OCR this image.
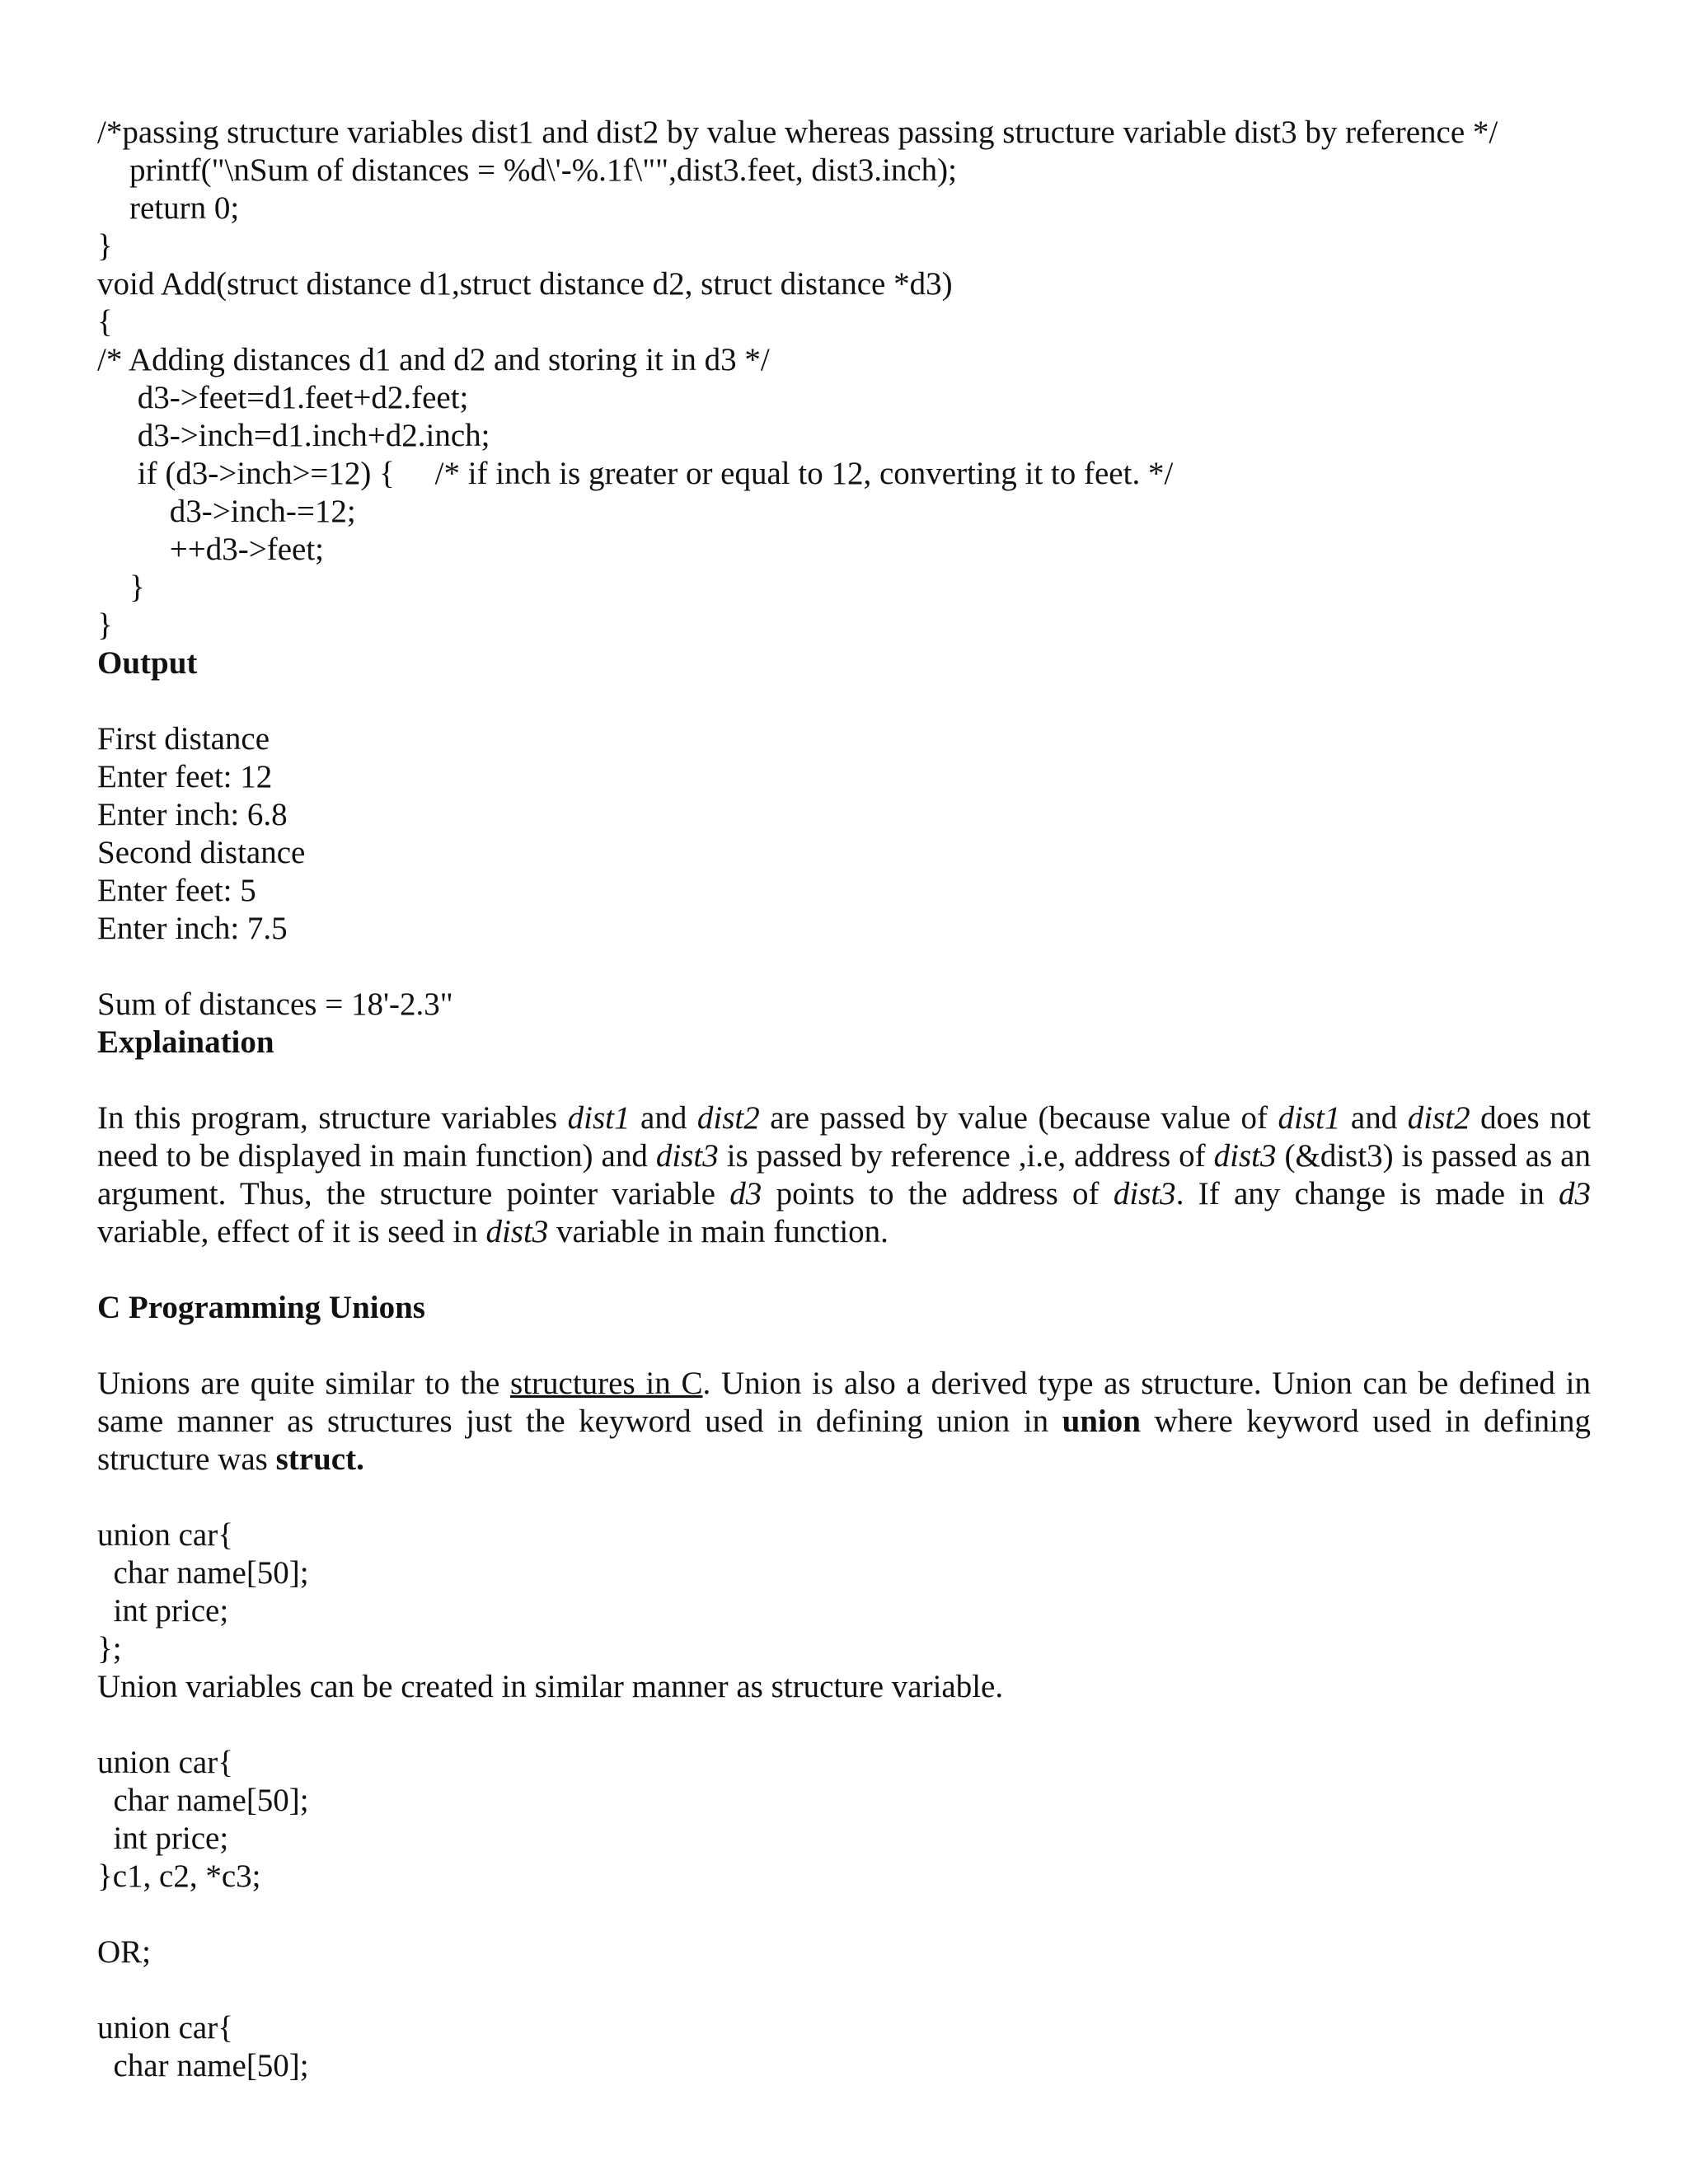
/*passing structure variables dist1 and dist2 by value whereas passing structure variable dist3 by reference */
printf("\nSum of distances = %d\'-%.1f\"",dist3.feet, dist3.inch);
return 0;
}
void Add(struct distance d1,struct distance d2, struct distance *d3)
{
/* Adding distances d1 and d2 and storing it in d3 */
d3->feet=d1.feet+d2.feet;
d3->inch=d1.inch+d2.inch;
if (d3->inch>=12) {     /* if inch is greater or equal to 12, converting it to feet. */
d3->inch-=12;
++d3->feet;
}
}
Output
First distance
Enter feet: 12
Enter inch: 6.8
Second distance
Enter feet: 5
Enter inch: 7.5
Sum of distances = 18'-2.3"
Explaination
In this program, structure variables dist1 and dist2 are passed by value (because value of dist1 and dist2 does not need to be displayed in main function) and dist3 is passed by reference ,i.e, address of dist3 (&dist3) is passed as an argument. Thus, the structure pointer variable d3 points to the address of dist3. If any change is made in d3 variable, effect of it is seed in dist3 variable in main function.
C Programming Unions
Unions are quite similar to the structures in C. Union is also a derived type as structure. Union can be defined in same manner as structures just the keyword used in defining union in union where keyword used in defining structure was struct.
union car{
char name[50];
int price;
};
Union variables can be created in similar manner as structure variable.
union car{
char name[50];
int price;
}c1, c2, *c3;
OR;
union car{
char name[50];
